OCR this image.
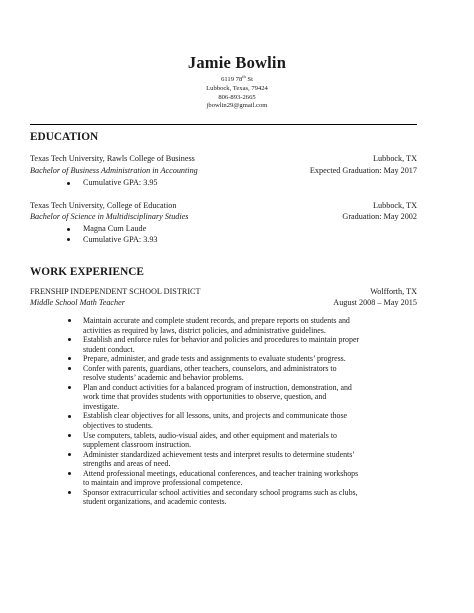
Jamie Bowlin
6119 78th St
Lubbock, Texas, 79424
806-893-2665
jbowlin29@gmail.com
EDUCATION
Texas Tech University, Rawls College of Business	Lubbock, TX
Bachelor of Business Administration in Accounting	Expected Graduation: May 2017
Cumulative GPA: 3.95
Texas Tech University, College of Education	Lubbock, TX
Bachelor of Science in Multidisciplinary Studies	Graduation: May 2002
Magna Cum Laude
Cumulative GPA: 3.93
WORK EXPERIENCE
FRENSHIP INDEPENDENT SCHOOL DISTRICT	Wolfforth, TX
Middle School Math Teacher	August 2008 – May 2015
Maintain accurate and complete student records, and prepare reports on students and
activities as required by laws, district policies, and administrative guidelines.
Establish and enforce rules for behavior and policies and procedures to maintain proper
student conduct.
Prepare, administer, and grade tests and assignments to evaluate students’ progress.
Confer with parents, guardians, other teachers, counselors, and administrators to
resolve students’ academic and behavior problems.
Plan and conduct activities for a balanced program of instruction, demonstration, and
work time that provides students with opportunities to observe, question, and
investigate.
Establish clear objectives for all lessons, units, and projects and communicate those
objectives to students.
Use computers, tablets, audio-visual aides, and other equipment and materials to
supplement classroom instruction.
Administer standardized achievement tests and interpret results to determine students’
strengths and areas of need.
Attend professional meetings, educational conferences, and teacher training workshops
to maintain and improve professional competence.
Sponsor extracurricular school activities and secondary school programs such as clubs,
student organizations, and academic contests.
